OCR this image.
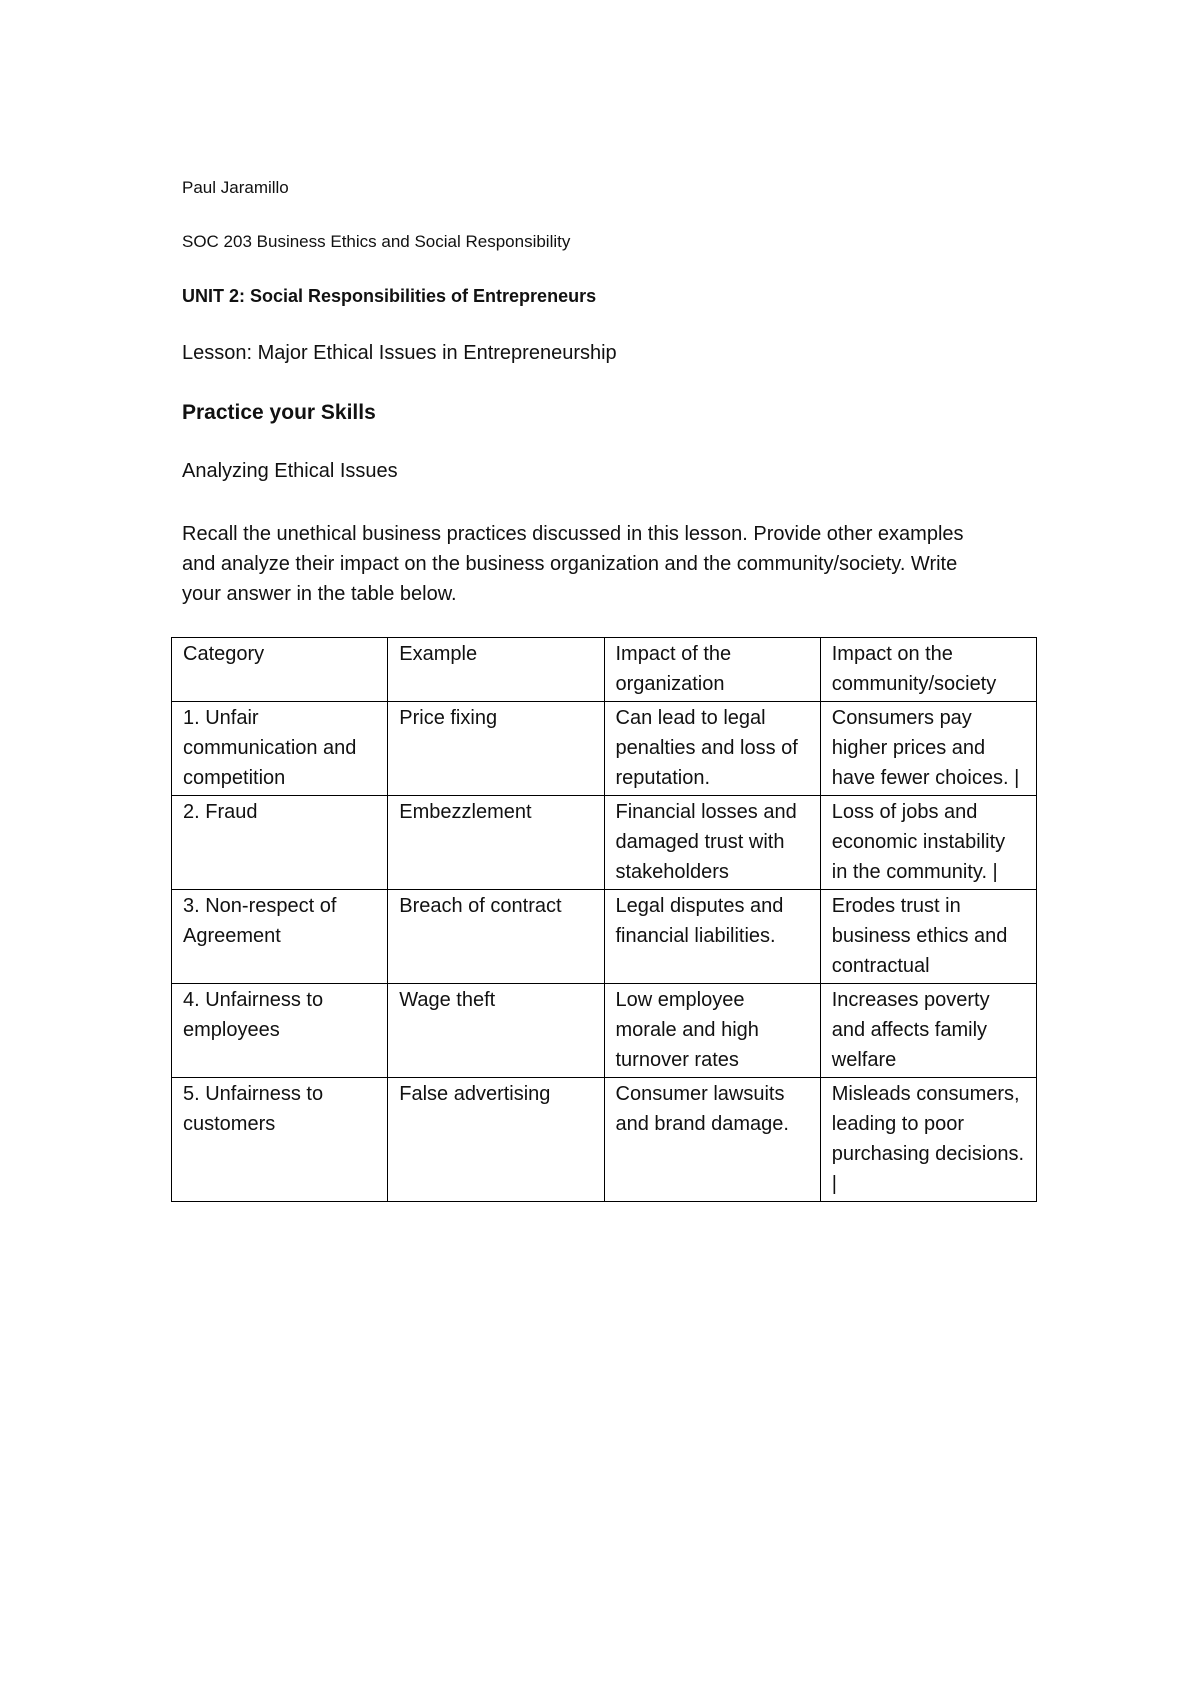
Paul Jaramillo

SOC 203 Business Ethics and Social Responsibility

UNIT 2: Social Responsibilities of Entrepreneurs

Lesson: Major Ethical Issues in Entrepreneurship

Practice your Skills

Analyzing Ethical Issues

Recall the unethical business practices discussed in this lesson. Provide other examples and analyze their impact on the business organization and the community/society. Write your answer in the table below.

Category	Example	Impact of the organization	Impact on the community/society
1. Unfair communication and competition	Price fixing	Can lead to legal penalties and loss of reputation.	Consumers pay higher prices and have fewer choices. |
2. Fraud	Embezzlement	Financial losses and damaged trust with stakeholders	Loss of jobs and economic instability in the community. |
3. Non-respect of Agreement	Breach of contract	Legal disputes and financial liabilities.	Erodes trust in business ethics and contractual
4. Unfairness to employees	Wage theft	Low employee morale and high turnover rates	Increases poverty and affects family welfare
5. Unfairness to customers	False advertising	Consumer lawsuits and brand damage.	Misleads consumers, leading to poor purchasing decisions. |
